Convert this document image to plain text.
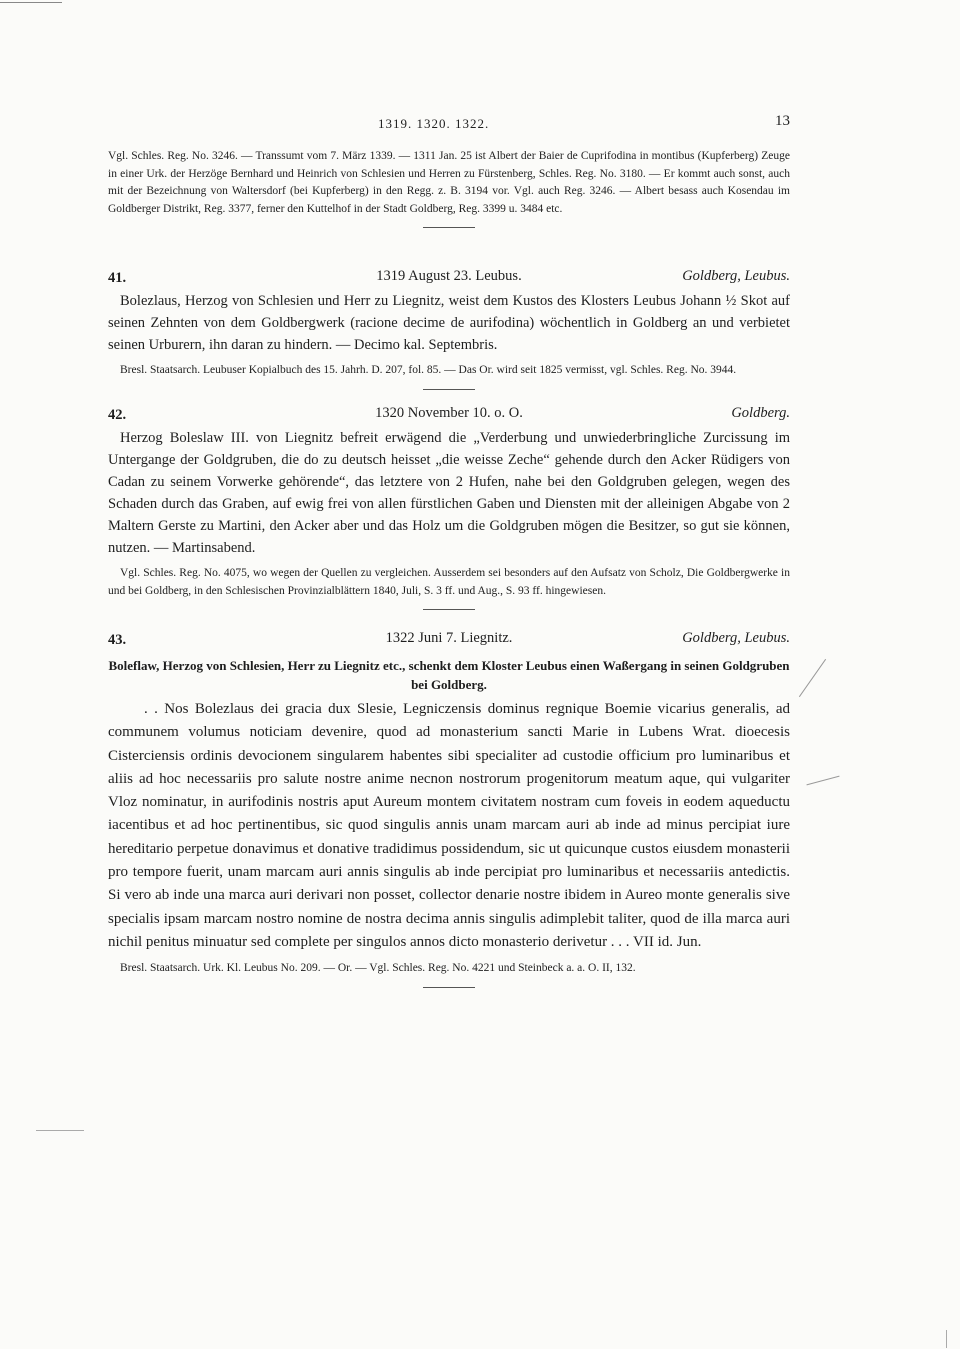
1319. 1320. 1322.	13

Vgl. Schles. Reg. No. 3246. — Transsumt vom 7. März 1339. — 1311 Jan. 25 ist Albert der Baier de Cuprifodina in montibus (Kupferberg) Zeuge in einer Urk. der Herzöge Bernhard und Heinrich von Schlesien und Herren zu Fürstenberg, Schles. Reg. No. 3180. — Er kommt auch sonst, auch mit der Bezeichnung von Waltersdorf (bei Kupferberg) in den Regg. z. B. 3194 vor. Vgl. auch Reg. 3246. — Albert besass auch Kosendau im Goldberger Distrikt, Reg. 3377, ferner den Kuttelhof in der Stadt Goldberg, Reg. 3399 u. 3484 etc.

41.	1319 August 23. Leubus.	Goldberg, Leubus.

Bolezlaus, Herzog von Schlesien und Herr zu Liegnitz, weist dem Kustos des Klosters Leubus Johann ½ Skot auf seinen Zehnten von dem Goldbergwerk (racione decime de aurifodina) wöchentlich in Goldberg an und verbietet seinen Urburern, ihn daran zu hindern. — Decimo kal. Septembris.

Bresl. Staatsarch. Leubuser Kopialbuch des 15. Jahrh. D. 207, fol. 85. — Das Or. wird seit 1825 vermisst, vgl. Schles. Reg. No. 3944.

42.	1320 November 10. o. O.	Goldberg.

Herzog Boleslaw III. von Liegnitz befreit erwägend die „Verderbung und unwiederbringliche Zurcissung im Untergange der Goldgruben, die do zu deutsch heisset „die weisse Zeche“ gehende durch den Acker Rüdigers von Cadan zu seinem Vorwerke gehörende“, das letztere von 2 Hufen, nahe bei den Goldgruben gelegen, wegen des Schaden durch das Graben, auf ewig frei von allen fürstlichen Gaben und Diensten mit der alleinigen Abgabe von 2 Maltern Gerste zu Martini, den Acker aber und das Holz um die Goldgruben mögen die Besitzer, so gut sie können, nutzen. — Martinsabend.

Vgl. Schles. Reg. No. 4075, wo wegen der Quellen zu vergleichen. Ausserdem sei besonders auf den Aufsatz von Scholz, Die Goldbergwerke in und bei Goldberg, in den Schlesischen Provinzialblättern 1840, Juli, S. 3 ff. und Aug., S. 93 ff. hingewiesen.

43.	1322 Juni 7. Liegnitz.	Goldberg, Leubus.

Boleflaw, Herzog von Schlesien, Herr zu Liegnitz etc., schenkt dem Kloster Leubus einen Waßergang in seinen Goldgruben bei Goldberg.

. . Nos Bolezlaus dei gracia dux Slesie, Legniczensis dominus regnique Boemie vicarius generalis, ad communem volumus noticiam devenire, quod ad monasterium sancti Marie in Lubens Wrat. dioecesis Cisterciensis ordinis devocionem singularem habentes sibi specialiter ad custodie officium pro luminaribus et aliis ad hoc necessariis pro salute nostre anime necnon nostrorum progenitorum meatum aque, qui vulgariter Vloz nominatur, in aurifodinis nostris aput Aureum montem civitatem nostram cum foveis in eodem aqueductu iacentibus et ad hoc pertinentibus, sic quod singulis annis unam marcam auri ab inde ad minus percipiat iure hereditario perpetue donavimus et donative tradidimus possidendum, sic ut quicunque custos eiusdem monasterii pro tempore fuerit, unam marcam auri annis singulis ab inde percipiat pro luminaribus et necessariis antedictis. Si vero ab inde una marca auri derivari non posset, collector denarie nostre ibidem in Aureo monte generalis sive specialis ipsam marcam nostro nomine de nostra decima annis singulis adimplebit taliter, quod de illa marca auri nichil penitus minuatur sed complete per singulos annos dicto monasterio derivetur . . . VII id. Jun.

Bresl. Staatsarch. Urk. Kl. Leubus No. 209. — Or. — Vgl. Schles. Reg. No. 4221 und Steinbeck a. a. O. II, 132.
